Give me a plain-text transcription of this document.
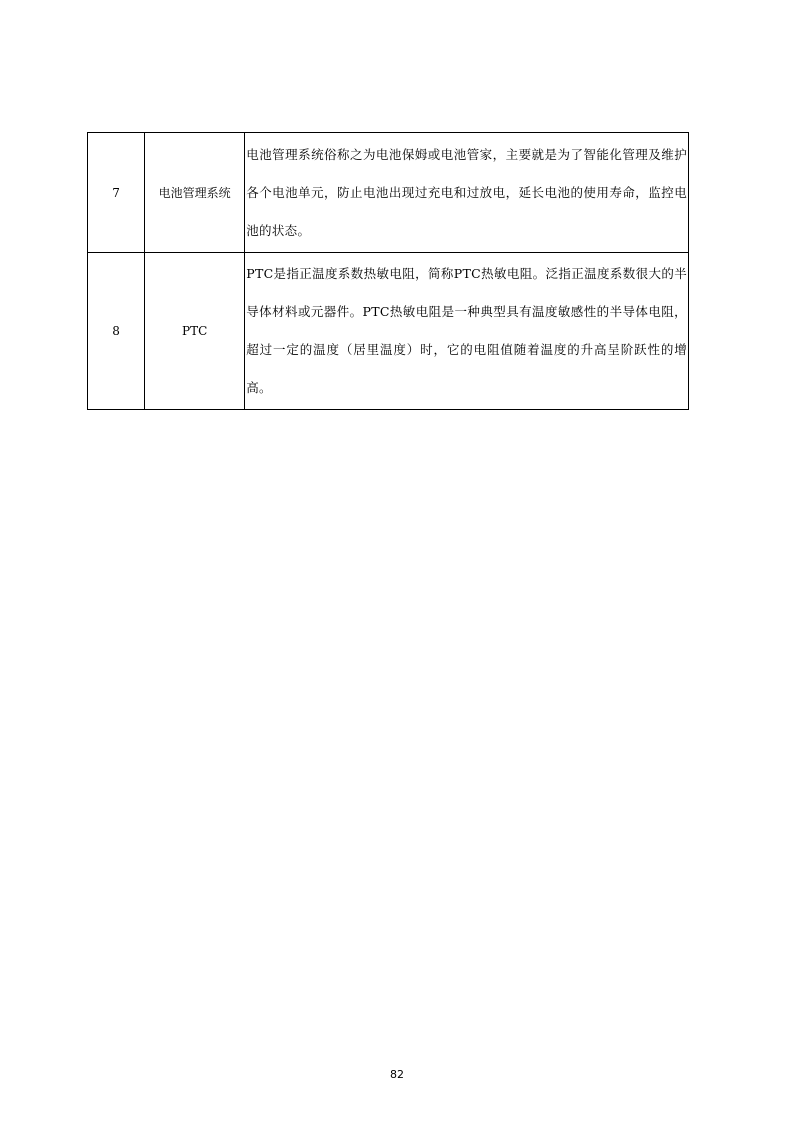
7	电池管理系统	电池管理系统俗称之为电池保姆或电池管家，主要就是为了智能化管理及维护各个电池单元，防止电池出现过充电和过放电，延长电池的使用寿命，监控电池的状态。
8	PTC	PTC是指正温度系数热敏电阻，简称PTC热敏电阻。泛指正温度系数很大的半导体材料或元器件。PTC热敏电阻是一种典型具有温度敏感性的半导体电阻，超过一定的温度（居里温度）时，它的电阻值随着温度的升高呈阶跃性的增高。
82
